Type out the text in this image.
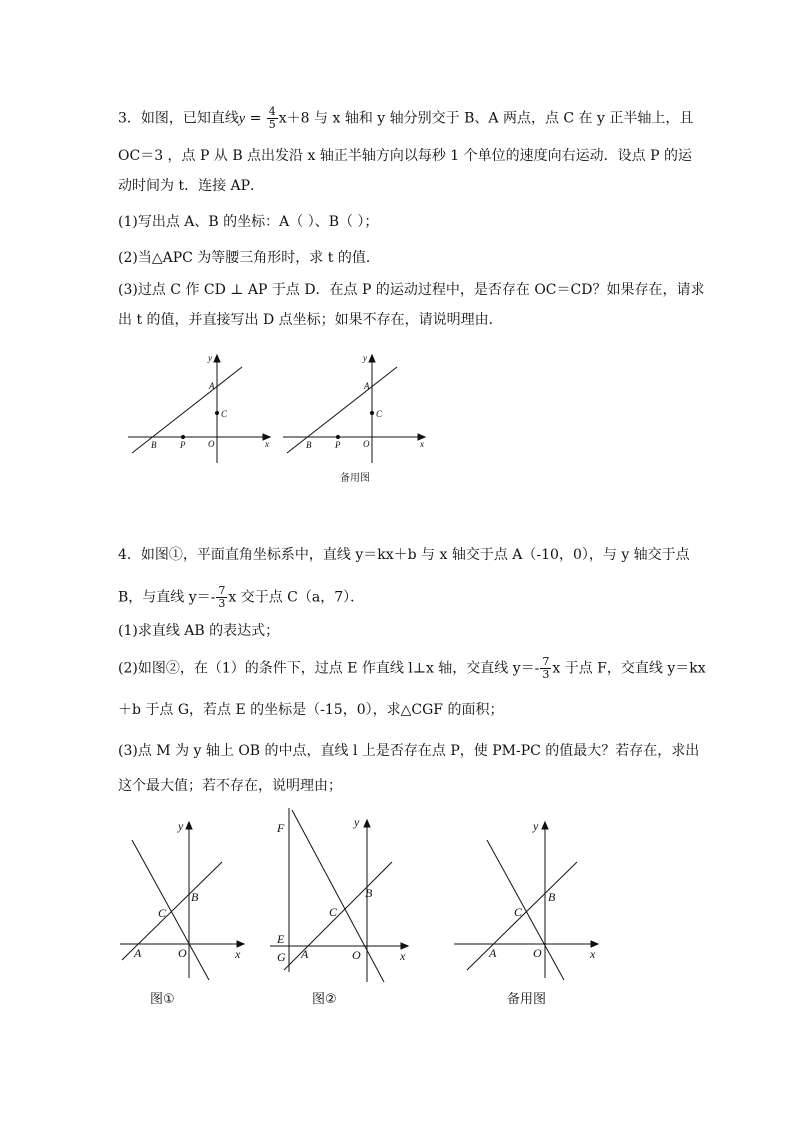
3．如图，已知直线$y = \frac{4}{5} x+8$ 与 x 轴和 y 轴分别交于 B、A 两点，点 C 在 y 正半轴上，且
OC＝3 ，点 P 从 B 点出发沿 x 轴正半轴方向以每秒 1 个单位的速度向右运动．设点 P 的运
动时间为 t．连接 AP．
(1)写出点 A、B 的坐标：A（ ）、B（ ）；
(2)当△APC 为等腰三角形时，求 t 的值．
(3)过点 C 作 CD ⊥ AP 于点 D．在点 P 的运动过程中，是否存在 OC＝CD？如果存在，请求
出 t 的值，并直接写出 D 点坐标；如果不存在，请说明理由．
y
x
A
C
B	P	O
y
x
A
C
B	P	O
备用图
4．如图①，平面直角坐标系中，直线 y＝kx＋b 与 x 轴交于点 A（-10，0），与 y 轴交于点
B，与直线 $y=- \frac{7}{3}$ x 交于点 C（a，7）．
(1)求直线 AB 的表达式；
(2)如图②，在（1）的条件下，过点 E 作直线 l⊥x 轴，交直线 $y=- \frac{7}{3}$ x 于点 F，交直线 y＝kx
＋b 于点 G，若点 E 的坐标是（-15，0），求△CGF 的面积；
(3)点 M 为 y 轴上 OB 的中点，直线 l 上是否存在点 P，使 PM-PC 的值最大？若存在，求出
这个最大值；若不存在，说明理由；
y
x
B
C
A	O
图①
y
x
F
B
C
E
G A	O
图②
y
x
B
C
A	O
备用图
